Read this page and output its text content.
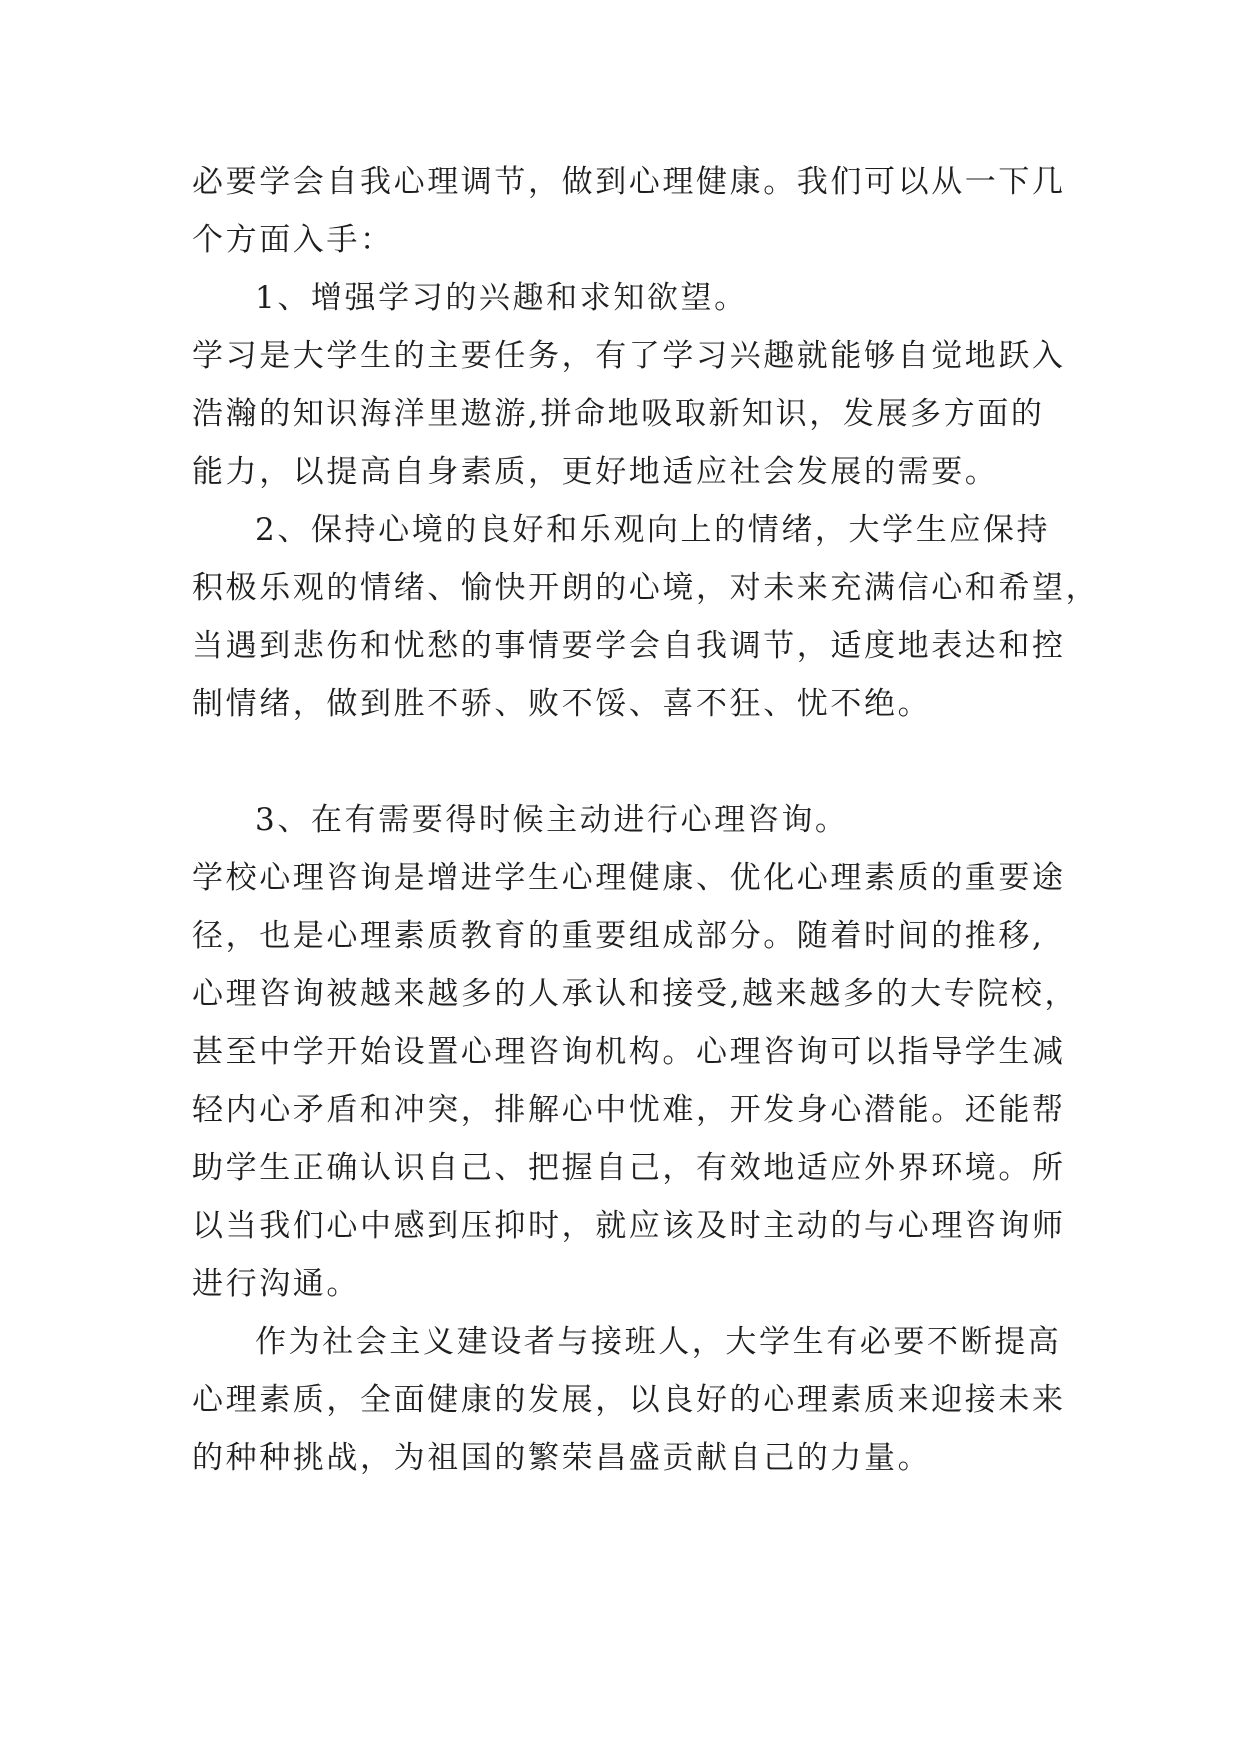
必要学会自我心理调节，做到心理健康。我们可以从一下几
个方面入手：
1、增强学习的兴趣和求知欲望。
学习是大学生的主要任务，有了学习兴趣就能够自觉地跃入
浩瀚的知识海洋里遨游,拼命地吸取新知识，发展多方面的
能力，以提高自身素质，更好地适应社会发展的需要。
2、保持心境的良好和乐观向上的情绪，大学生应保持
积极乐观的情绪、愉快开朗的心境，对未来充满信心和希望，
当遇到悲伤和忧愁的事情要学会自我调节，适度地表达和控
制情绪，做到胜不骄、败不馁、喜不狂、忧不绝。
3、在有需要得时候主动进行心理咨询。
学校心理咨询是增进学生心理健康、优化心理素质的重要途
径，也是心理素质教育的重要组成部分。随着时间的推移,
心理咨询被越来越多的人承认和接受,越来越多的大专院校，
甚至中学开始设置心理咨询机构。心理咨询可以指导学生减
轻内心矛盾和冲突，排解心中忧难，开发身心潜能。还能帮
助学生正确认识自己、把握自己，有效地适应外界环境。所
以当我们心中感到压抑时，就应该及时主动的与心理咨询师
进行沟通。
作为社会主义建设者与接班人，大学生有必要不断提高
心理素质，全面健康的发展，以良好的心理素质来迎接未来
的种种挑战，为祖国的繁荣昌盛贡献自己的力量。
